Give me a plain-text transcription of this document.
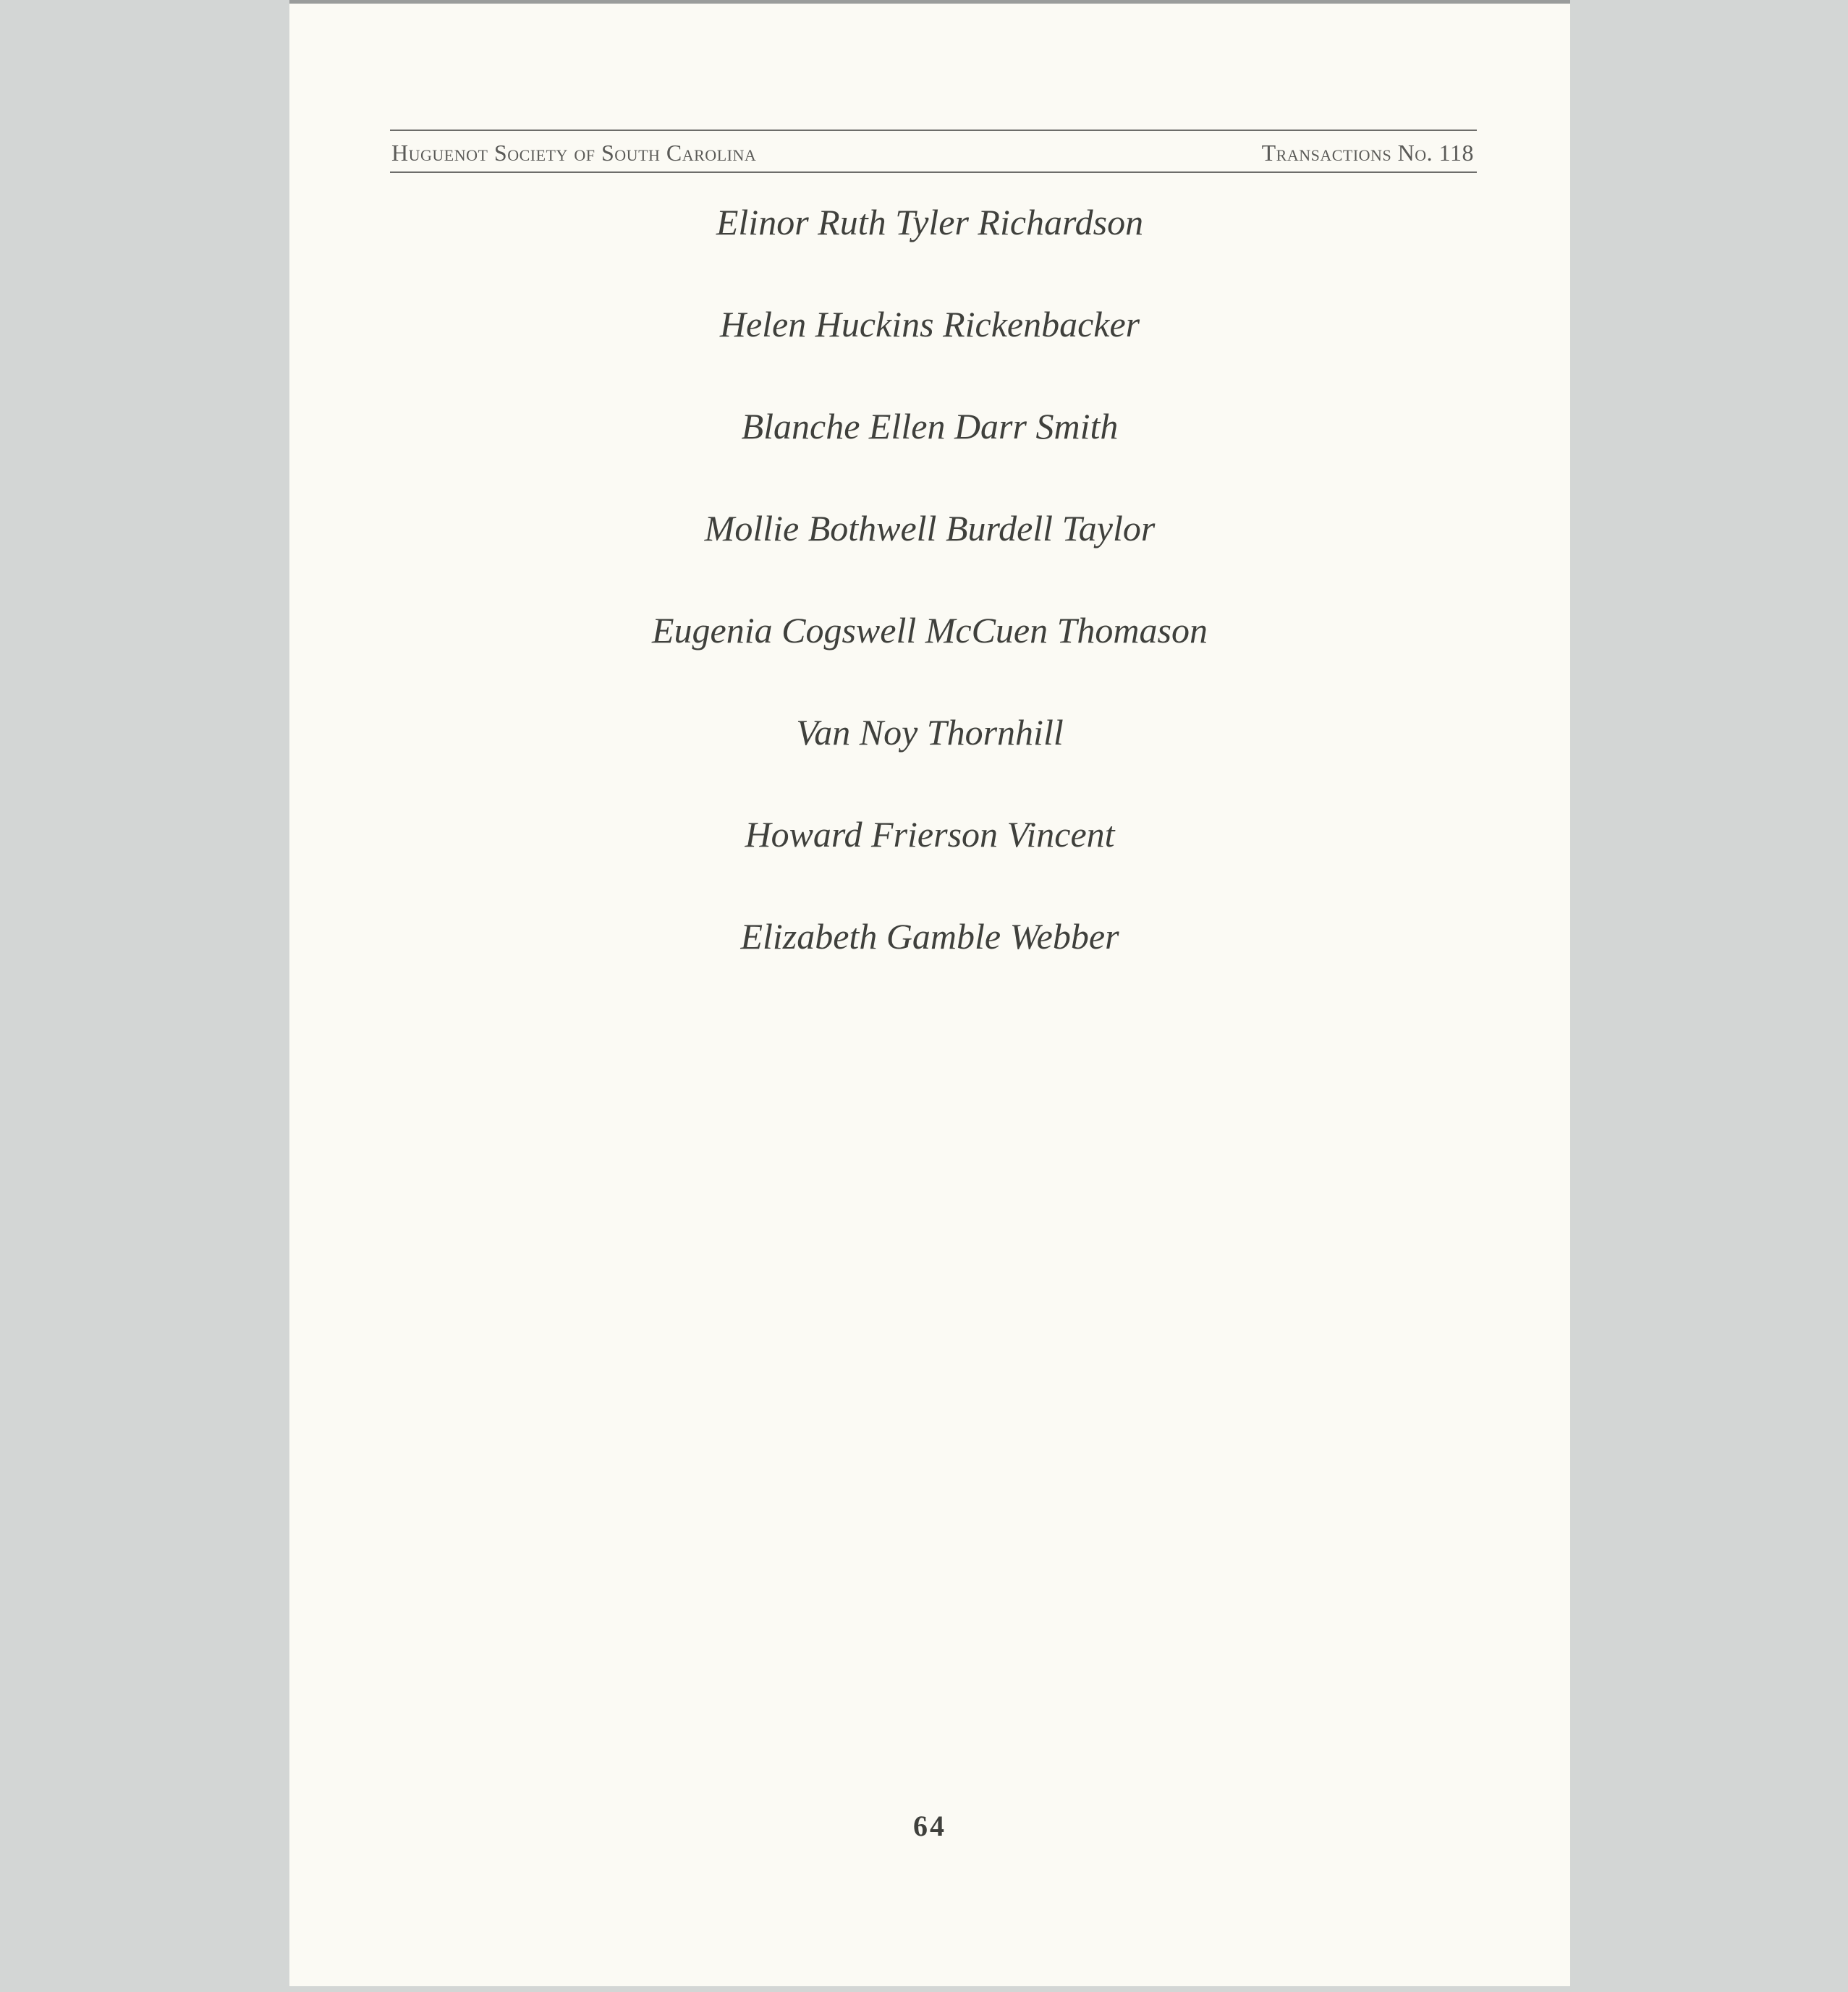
Huguenot Society of South Carolina	Transactions No. 118
Elinor Ruth Tyler Richardson
Helen Huckins Rickenbacker
Blanche Ellen Darr Smith
Mollie Bothwell Burdell Taylor
Eugenia Cogswell McCuen Thomason
Van Noy Thornhill
Howard Frierson Vincent
Elizabeth Gamble Webber
64
